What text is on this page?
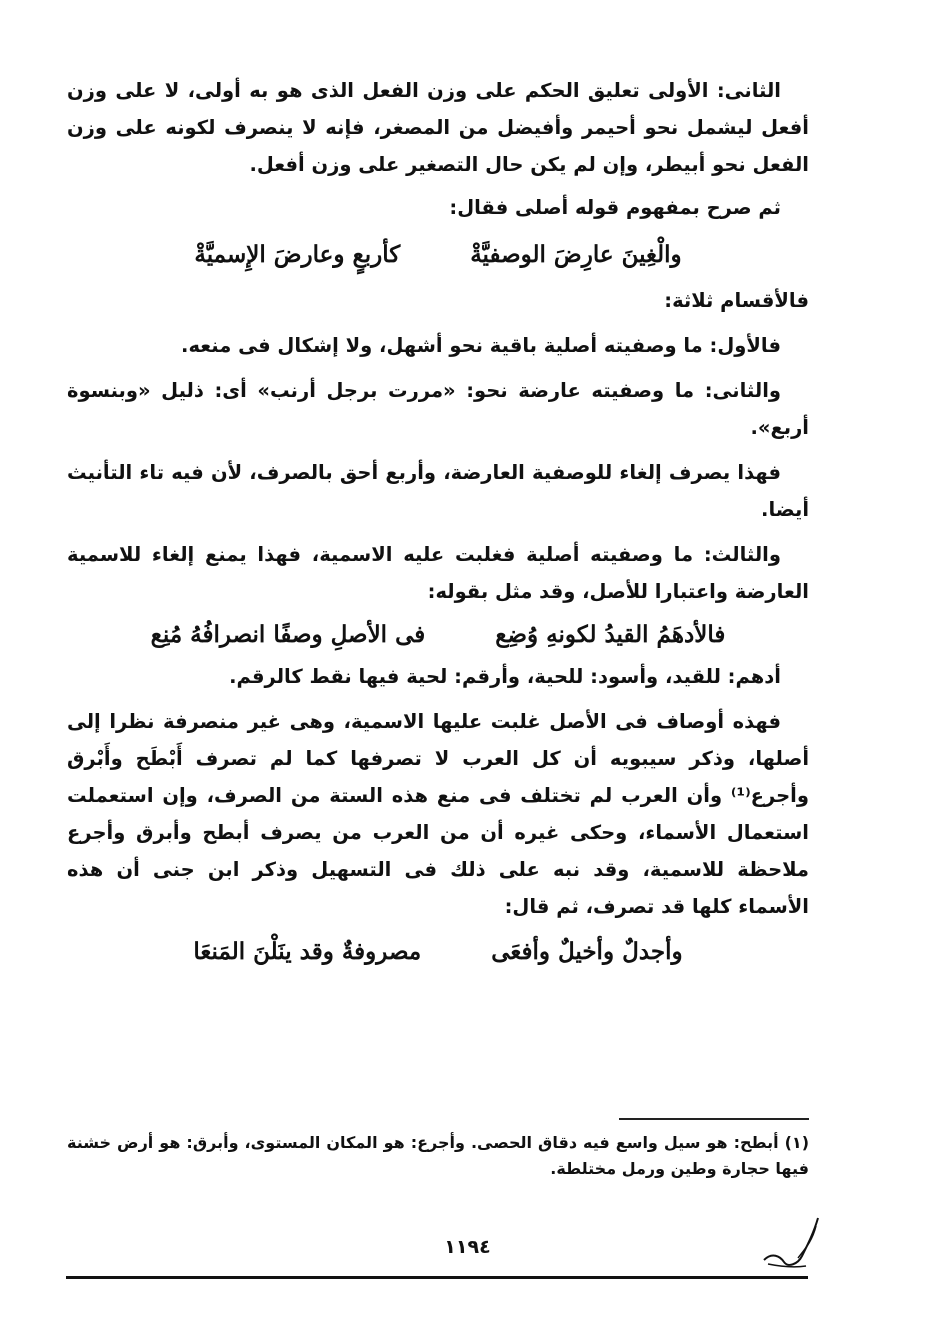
الثانى: الأولى تعليق الحكم على وزن الفعل الذى هو به أولى، لا على وزن أفعل ليشمل نحو أحيمر وأفيضل من المصغر، فإنه لا ينصرف لكونه على وزن الفعل نحو أبيطر، وإن لم يكن حال التصغير على وزن أفعل.

ثم صرح بمفهوم قوله أصلى فقال:

والْغِينَ عارِضَ الوصفيَّةْ
كأربعٍ وعارضَ الإِسميَّةْ

فالأقسام ثلاثة:

فالأول: ما وصفيته أصلية باقية نحو أشهل، ولا إشكال فى منعه.

والثانى: ما وصفيته عارضة نحو: «مررت برجل أرنب» أى: ذليل «وبنسوة أربع».

فهذا يصرف إلغاء للوصفية العارضة، وأربع أحق بالصرف، لأن فيه تاء التأنيث أيضا.

والثالث: ما وصفيته أصلية فغلبت عليه الاسمية، فهذا يمنع إلغاء للاسمية العارضة واعتبارا للأصل، وقد مثل بقوله:

فالأدهَمُ القيدُ لكونهِ وُضِع
فى الأصلِ وصفًا انصرافُهُ مُنِع

أدهم: للقيد، وأسود: للحية، وأرقم: لحية فيها نقط كالرقم.

فهذه أوصاف فى الأصل غلبت عليها الاسمية، وهى غير منصرفة نظرا إلى أصلها، وذكر سيبويه أن كل العرب لا تصرفها كما لم تصرف أَبْطَح وأَبْرق وأجرع⁽¹⁾ وأن العرب لم تختلف فى منع هذه الستة من الصرف، وإن استعملت استعمال الأسماء، وحكى غيره أن من العرب من يصرف أبطح وأبرق وأجرع ملاحظة للاسمية، وقد نبه على ذلك فى التسهيل وذكر ابن جنى أن هذه الأسماء كلها قد تصرف، ثم قال:

وأجدلٌ وأخيلٌ وأفعَى
مصروفةٌ وقد ينَلْنَ المَنعَا
(١) أبطح: هو سيل واسع فيه دقاق الحصى. وأجرع: هو المكان المستوى، وأبرق: هو أرض خشنة فيها حجارة وطين ورمل مختلطة.
١١٩٤
